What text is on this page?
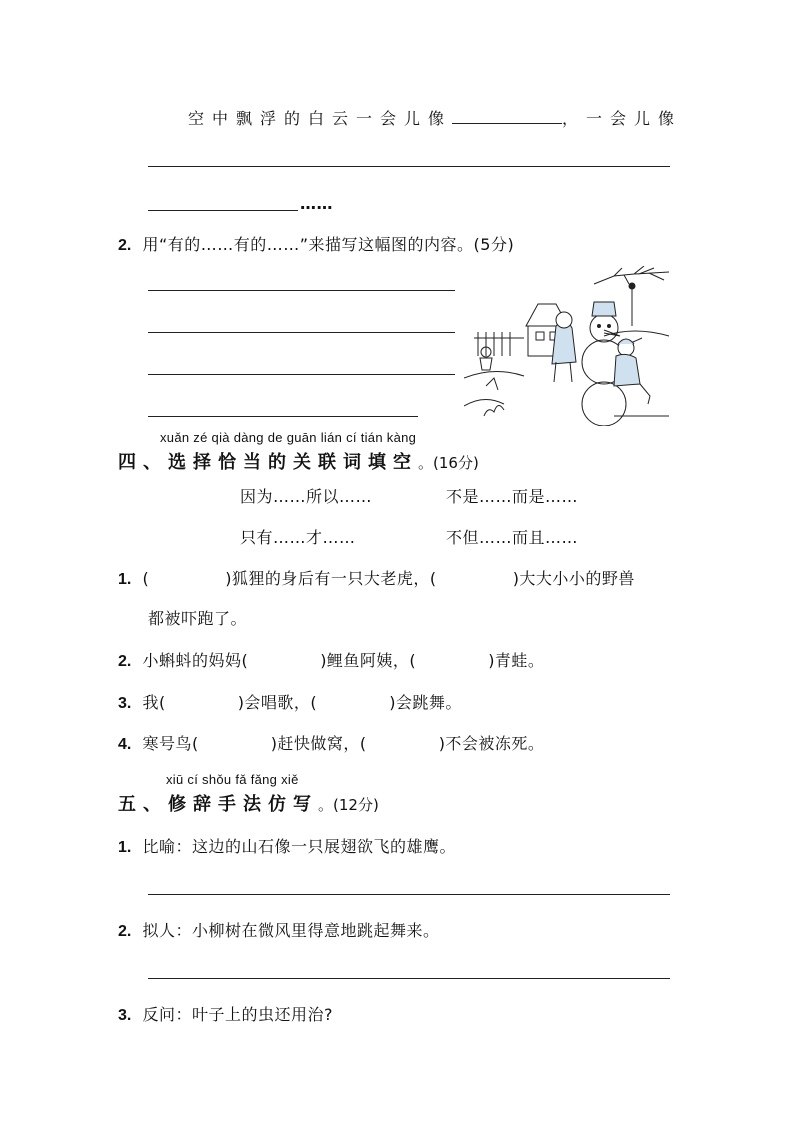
空中飘浮的白云一会儿像	，一会儿像
……
2. 用“有的……有的……”来描写这幅图的内容。(5分)
xuǎn zé qià dàng de guān lián cí tián kàng
四、选择恰当的关联词填空。(16分)
因为……所以……	不是……而是……
只有……才……	不但……而且……
1. (	)狐狸的身后有一只大老虎，(	)大大小小的野兽
都被吓跑了。
2. 小蝌蚪的妈妈(	)鲤鱼阿姨，(	)青蛙。
3. 我(	)会唱歌，(	)会跳舞。
4. 寒号鸟(	)赶快做窝，(	)不会被冻死。
xiū cí shǒu fǎ fǎng xiě
五、修辞手法仿写。(12分)
1. 比喻：这边的山石像一只展翅欲飞的雄鹰。
2. 拟人：小柳树在微风里得意地跳起舞来。
3. 反问：叶子上的虫还用治?
